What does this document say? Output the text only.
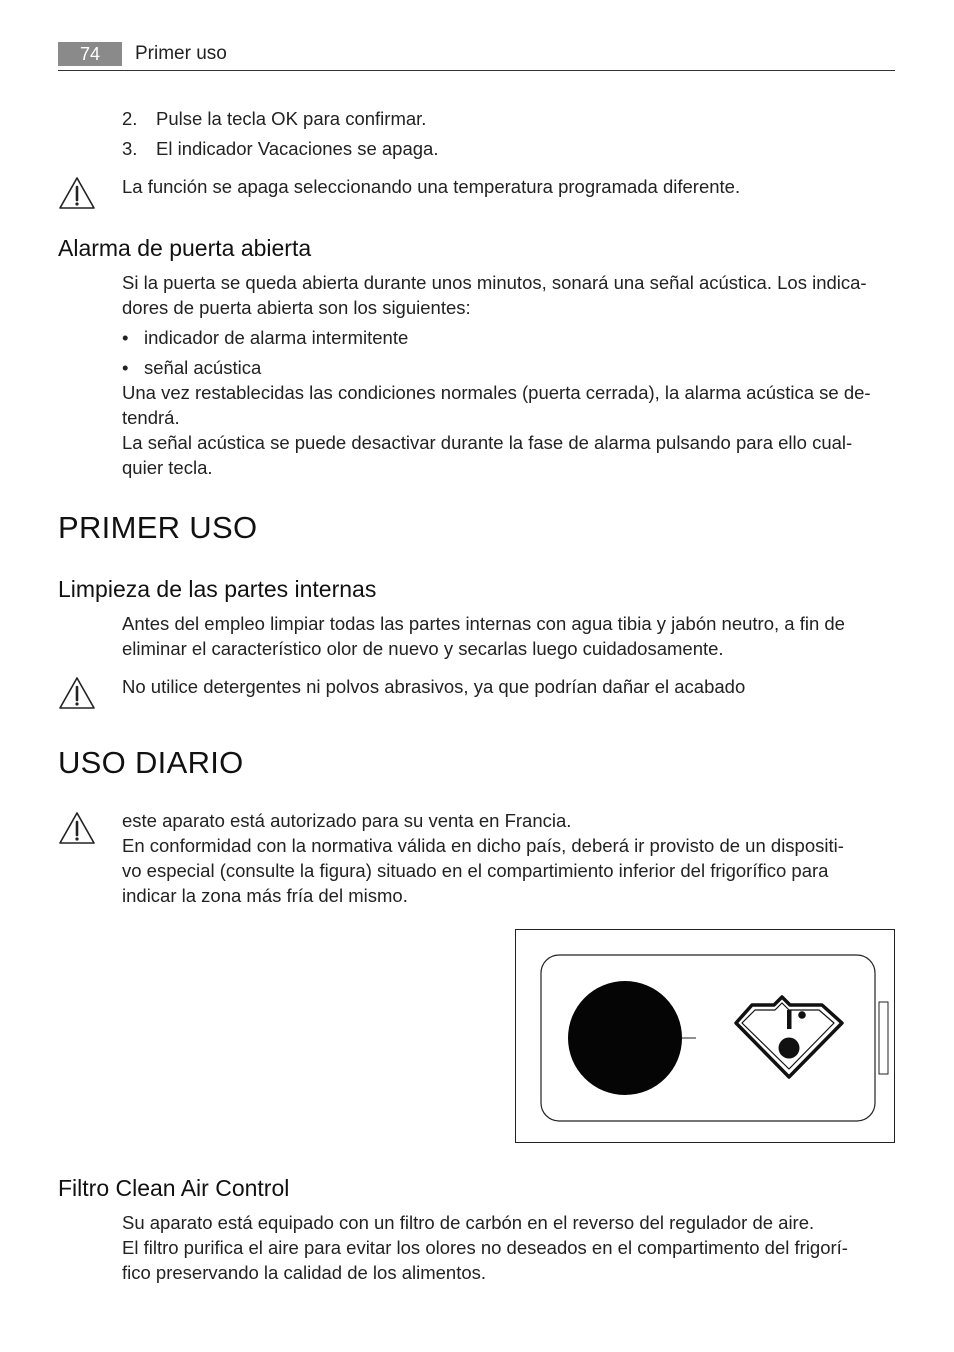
74	Primer uso
2. Pulse la tecla OK para confirmar.
3. El indicador Vacaciones se apaga.
La función se apaga seleccionando una temperatura programada diferente.
Alarma de puerta abierta
Si la puerta se queda abierta durante unos minutos, sonará una señal acústica. Los indica-
dores de puerta abierta son los siguientes:
• indicador de alarma intermitente
• señal acústica
Una vez restablecidas las condiciones normales (puerta cerrada), la alarma acústica se de-
tendrá.
La señal acústica se puede desactivar durante la fase de alarma pulsando para ello cual-
quier tecla.
PRIMER USO
Limpieza de las partes internas
Antes del empleo limpiar todas las partes internas con agua tibia y jabón neutro, a fin de
eliminar el característico olor de nuevo y secarlas luego cuidadosamente.
No utilice detergentes ni polvos abrasivos, ya que podrían dañar el acabado
USO DIARIO
este aparato está autorizado para su venta en Francia.
En conformidad con la normativa válida en dicho país, deberá ir provisto de un dispositi-
vo especial (consulte la figura) situado en el compartimiento inferior del frigorífico para
indicar la zona más fría del mismo.
Filtro Clean Air Control
Su aparato está equipado con un filtro de carbón en el reverso del regulador de aire.
El filtro purifica el aire para evitar los olores no deseados en el compartimento del frigorí-
fico preservando la calidad de los alimentos.
